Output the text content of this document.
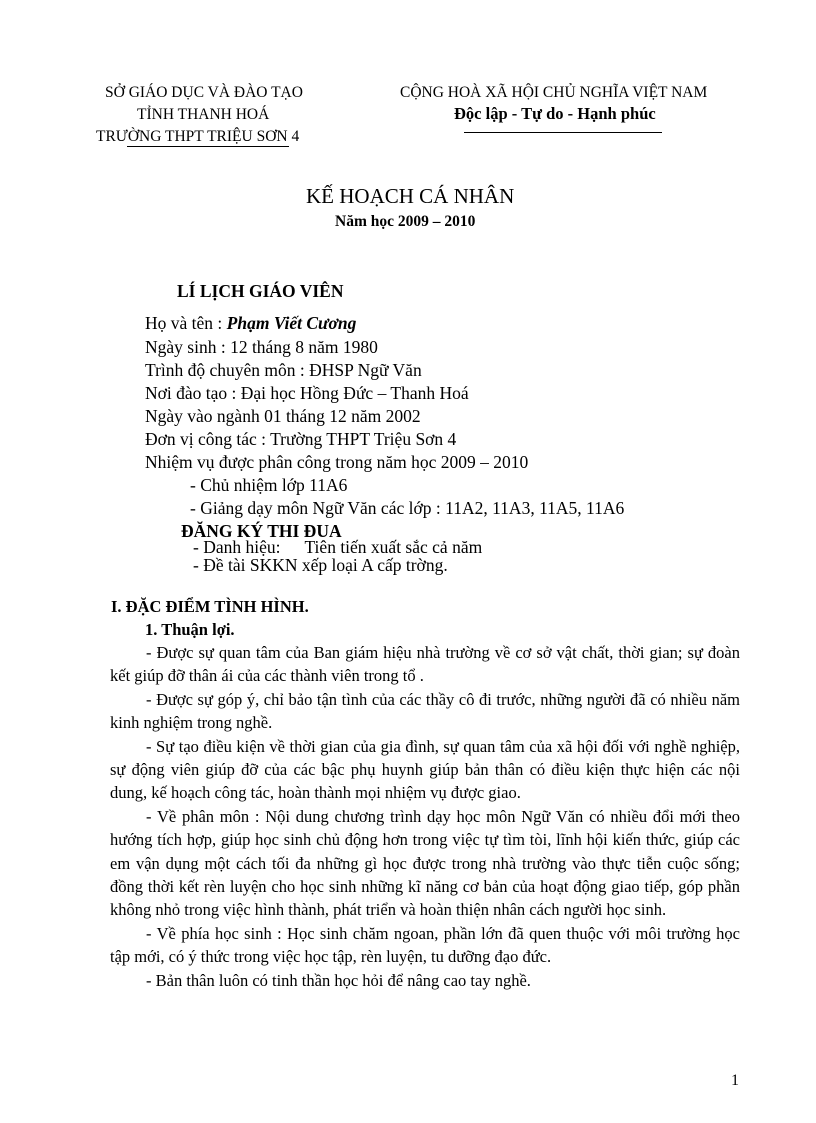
SỞ GIÁO DỤC VÀ ĐÀO TẠO
TỈNH THANH HOÁ
TRƯỜNG THPT TRIỆU SƠN 4
CỘNG HOÀ XÃ HỘI CHỦ NGHĨA VIỆT NAM
Độc lập - Tự do - Hạnh phúc
KẾ HOẠCH CÁ NHÂN
Năm học 2009 – 2010
LÍ LỊCH GIÁO VIÊN
Họ và tên : Phạm Viết Cương
Ngày sinh : 12 tháng 8 năm 1980
Trình độ chuyên môn : ĐHSP Ngữ Văn
Nơi đào tạo : Đại học Hồng Đức – Thanh Hoá
Ngày vào ngành 01 tháng 12 năm 2002
Đơn vị công tác : Trường THPT Triệu Sơn 4
Nhiệm vụ được phân công trong năm học 2009 – 2010
- Chủ nhiệm lớp 11A6
- Giảng dạy môn Ngữ Văn các lớp : 11A2, 11A3, 11A5, 11A6
ĐĂNG KÝ THI ĐUA
- Danh hiệu: Tiên tiến xuất sắc cả năm
- Đề tài SKKN xếp loại A cấp trờng.
I. ĐẶC ĐIỂM TÌNH HÌNH.
1. Thuận lợi.

- Được sự quan tâm của Ban giám hiệu nhà trường về cơ sở vật chất, thời gian; sự đoàn kết giúp đỡ thân ái của các thành viên trong tổ .

- Được sự góp ý, chỉ bảo tận tình của các thầy cô đi trước, những người đã có nhiều năm kinh nghiệm trong nghề.

- Sự tạo điều kiện về thời gian của gia đình, sự quan tâm của xã hội đối với nghề nghiệp, sự động viên giúp đỡ của các bậc phụ huynh giúp bản thân có điều kiện thực hiện các nội dung, kế hoạch công tác, hoàn thành mọi nhiệm vụ được giao.

- Về phân môn : Nội dung chương trình dạy học môn Ngữ Văn có nhiều đổi mới theo hướng tích hợp, giúp học sinh chủ động hơn trong việc tự tìm tòi, lĩnh hội kiến thức, giúp các em vận dụng một cách tối đa những gì học được trong nhà trường vào thực tiễn cuộc sống; đồng thời kết rèn luyện cho học sinh những kĩ năng cơ bản của hoạt động giao tiếp, góp phần không nhỏ trong việc hình thành, phát triển và hoàn thiện nhân cách người học sinh.

- Về phía học sinh : Học sinh chăm ngoan, phần lớn đã quen thuộc với môi trường học tập mới, có ý thức trong việc học tập, rèn luyện, tu dưỡng đạo đức.

- Bản thân luôn có tinh thần học hỏi để nâng cao tay nghề.

1
